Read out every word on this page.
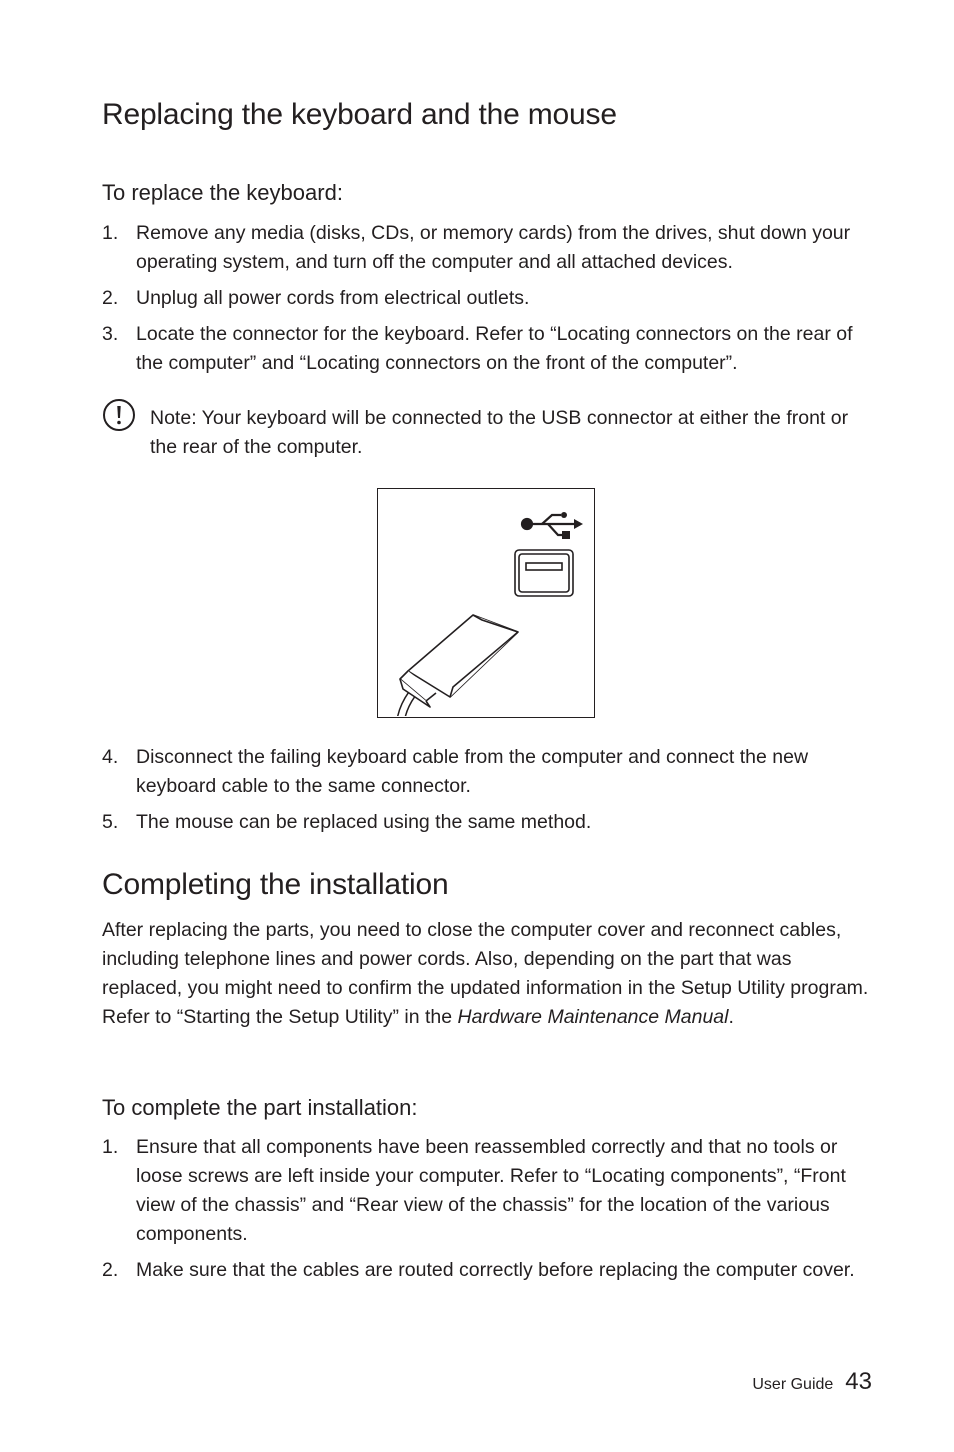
Replacing the keyboard and the mouse
To replace the keyboard:
1. Remove any media (disks, CDs, or memory cards) from the drives, shut down your operating system, and turn off the computer and all attached devices.
2. Unplug all power cords from electrical outlets.
3. Locate the connector for the keyboard. Refer to “Locating connectors on the rear of the computer” and “Locating connectors on the front of the computer”.

Note: Your keyboard will be connected to the USB connector at either the front or the rear of the computer.

4. Disconnect the failing keyboard cable from the computer and connect the new keyboard cable to the same connector.
5. The mouse can be replaced using the same method.
Completing the installation

After replacing the parts, you need to close the computer cover and reconnect cables, including telephone lines and power cords. Also, depending on the part that was replaced, you might need to confirm the updated information in the Setup Utility program. Refer to “Starting the Setup Utility” in the Hardware Maintenance Manual.

To complete the part installation:
1. Ensure that all components have been reassembled correctly and that no tools or loose screws are left inside your computer. Refer to “Locating components”, “Front view of the chassis” and “Rear view of the chassis” for the location of the various components.
2. Make sure that the cables are routed correctly before replacing the computer cover.
User Guide 43
